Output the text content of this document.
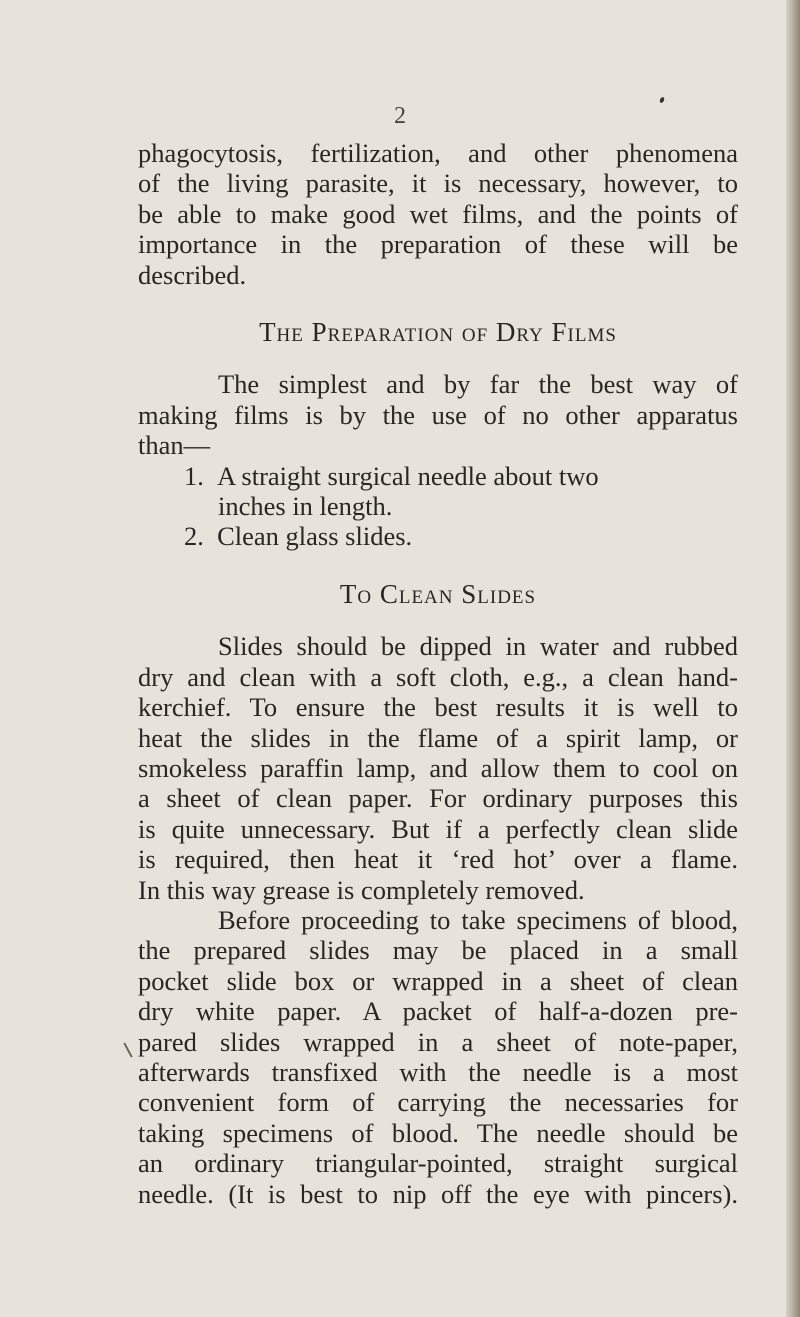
2
phagocytosis, fertilization, and other phenomena
of the living parasite, it is necessary, however, to
be able to make good wet films, and the points of
importance in the preparation of these will be
described.
The Preparation of Dry Films
The simplest and by far the best way of
making films is by the use of no other apparatus
than—
1. A straight surgical needle about two
inches in length.
2. Clean glass slides.
To Clean Slides
Slides should be dipped in water and rubbed
dry and clean with a soft cloth, e.g., a clean hand-
kerchief. To ensure the best results it is well to
heat the slides in the flame of a spirit lamp, or
smokeless paraffin lamp, and allow them to cool on
a sheet of clean paper. For ordinary purposes this
is quite unnecessary. But if a perfectly clean slide
is required, then heat it ‘red hot’ over a flame.
In this way grease is completely removed.
Before proceeding to take specimens of blood,
the prepared slides may be placed in a small
pocket slide box or wrapped in a sheet of clean
dry white paper. A packet of half-a-dozen pre-
pared slides wrapped in a sheet of note-paper,
afterwards transfixed with the needle is a most
convenient form of carrying the necessaries for
taking specimens of blood. The needle should be
an ordinary triangular-pointed, straight surgical
needle. (It is best to nip off the eye with pincers).
